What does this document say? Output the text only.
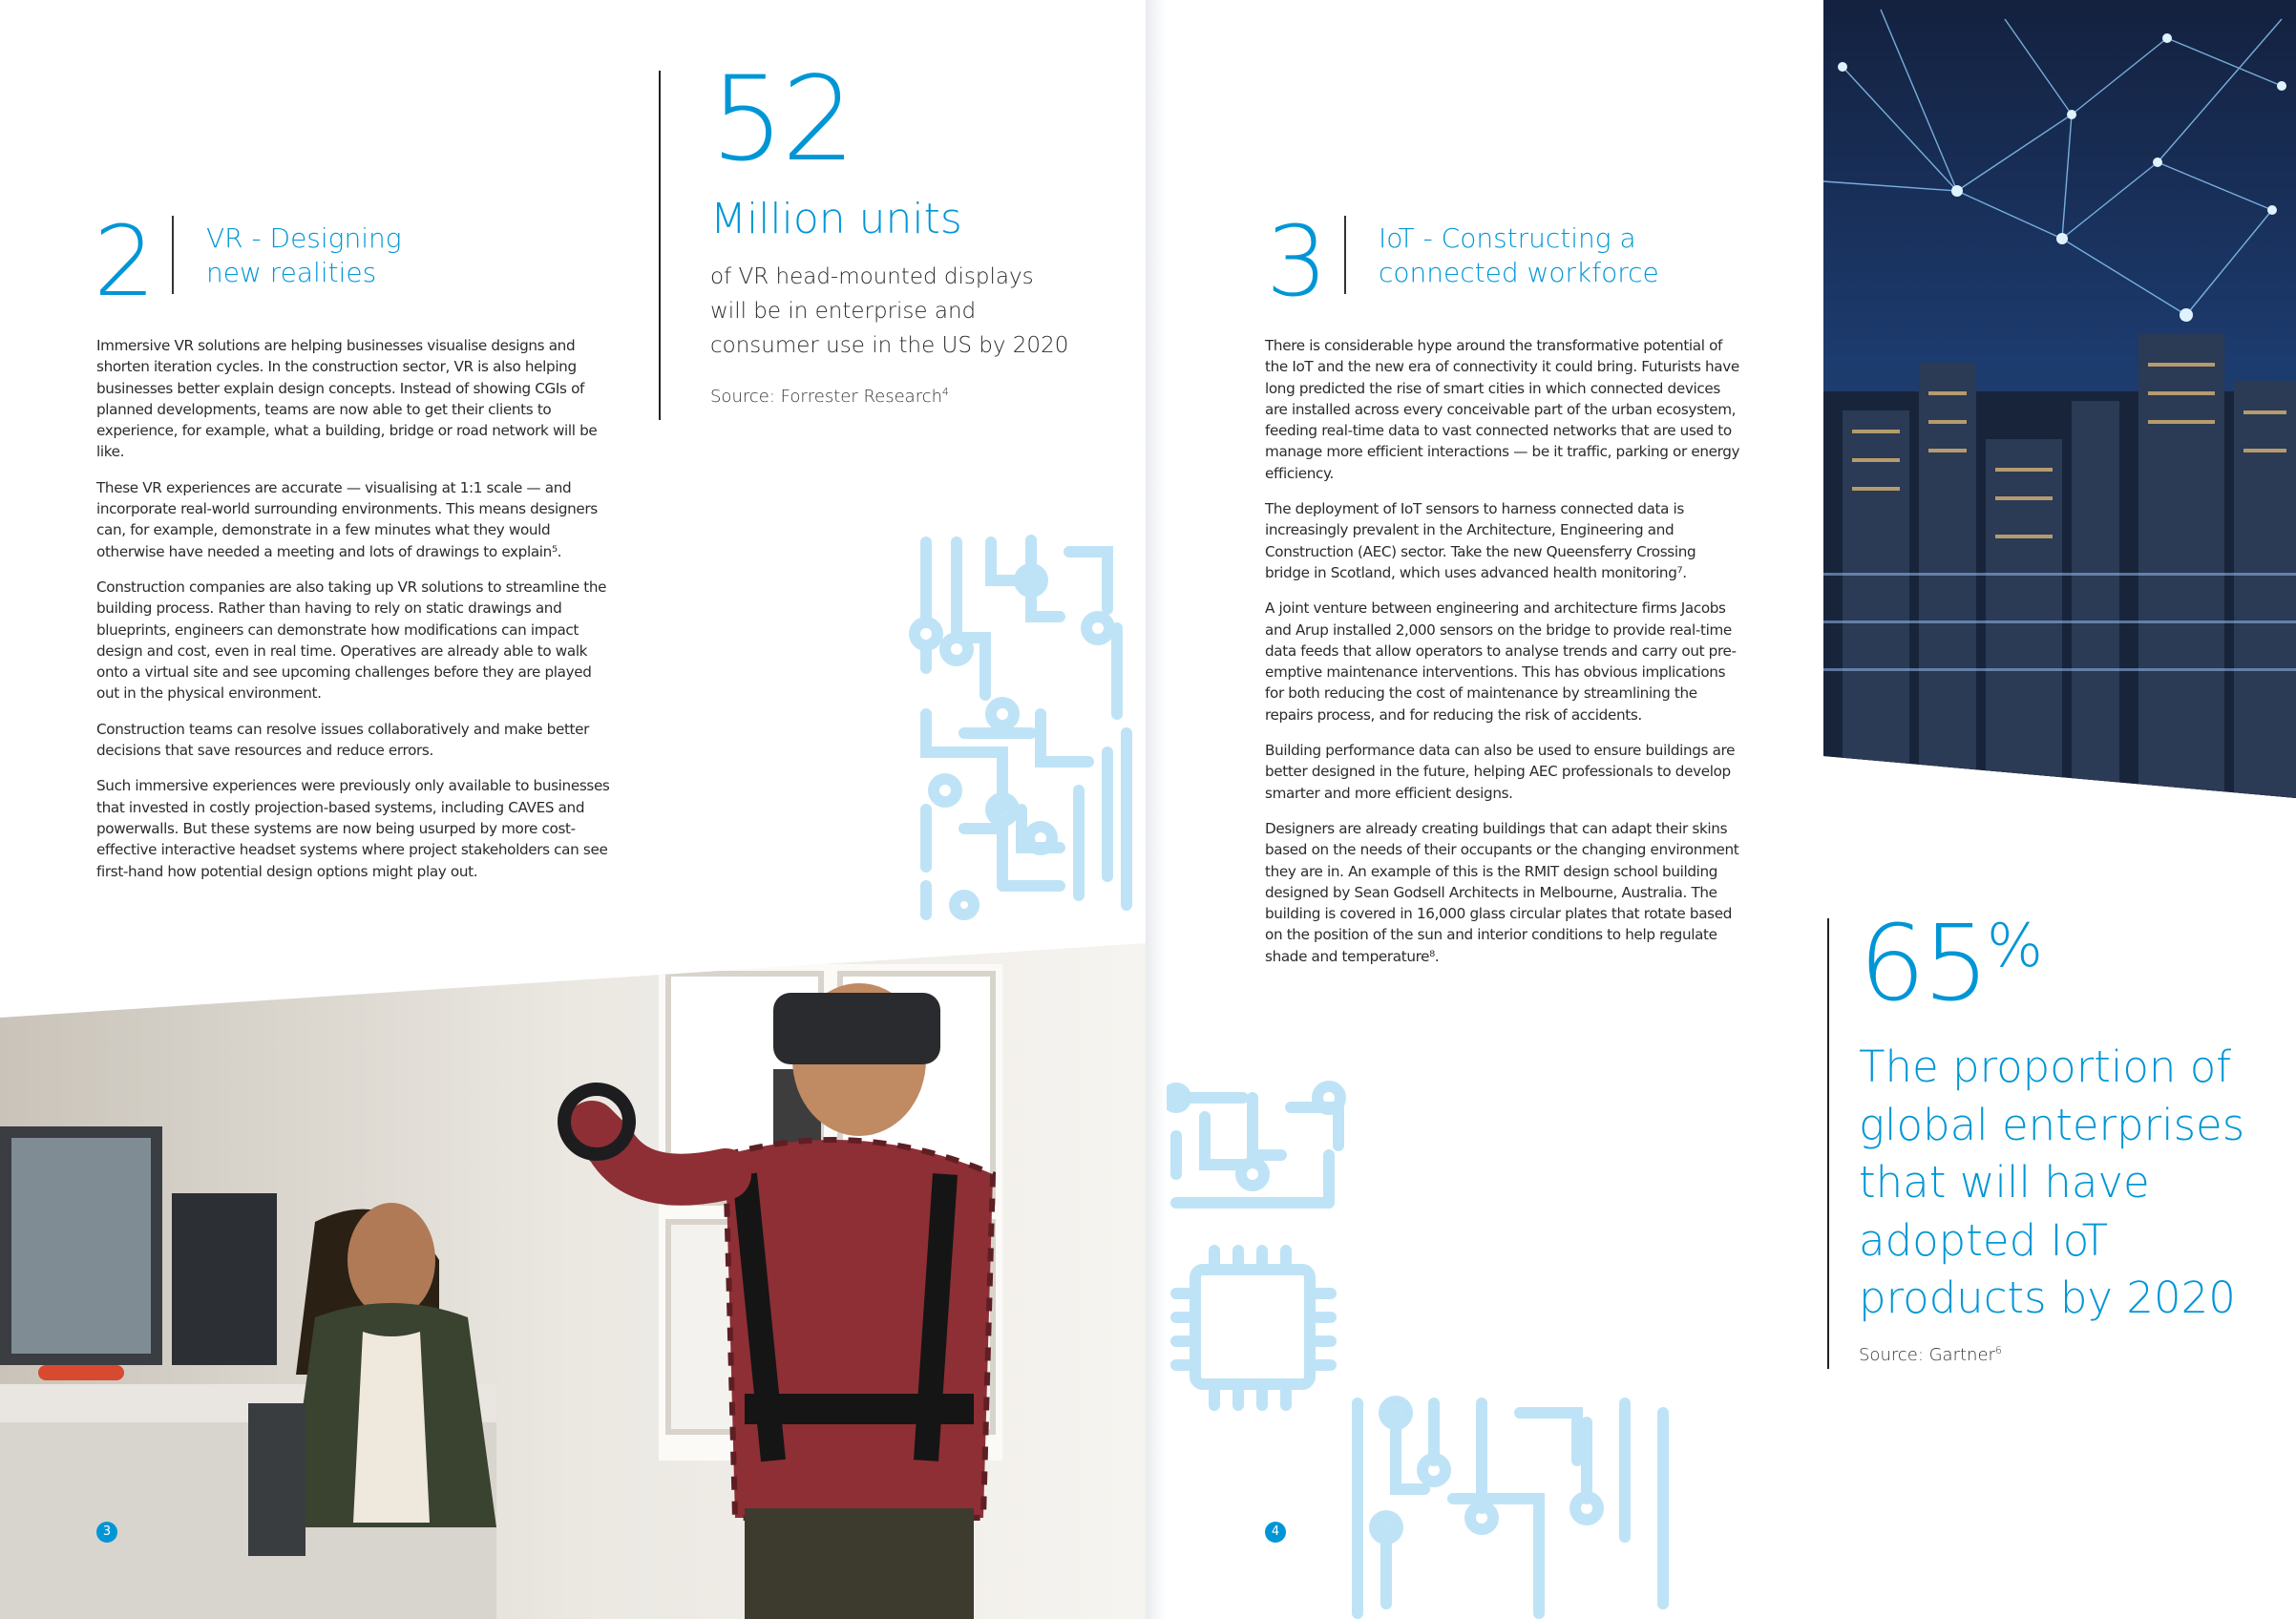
2 VR - Designing
new realities

Immersive VR solutions are helping businesses visualise designs and shorten iteration cycles. In the construction sector, VR is also helping businesses better explain design concepts. Instead of showing CGIs of planned developments, teams are now able to get their clients to experience, for example, what a building, bridge or road network will be like.

These VR experiences are accurate — visualising at 1:1 scale — and incorporate real-world surrounding environments. This means designers can, for example, demonstrate in a few minutes what they would otherwise have needed a meeting and lots of drawings to explain⁵.

Construction companies are also taking up VR solutions to streamline the building process. Rather than having to rely on static drawings and blueprints, engineers can demonstrate how modifications can impact design and cost, even in real time. Operatives are already able to walk onto a virtual site and see upcoming challenges before they are played out in the physical environment.

Construction teams can resolve issues collaboratively and make better decisions that save resources and reduce errors.

Such immersive experiences were previously only available to businesses that invested in costly projection-based systems, including CAVES and powerwalls. But these systems are now being usurped by more cost-effective interactive headset systems where project stakeholders can see first-hand how potential design options might play out.

52
Million units
of VR head-mounted displays
will be in enterprise and
consumer use in the US by 2020
Source: Forrester Research$^4$
3
3 IoT - Constructing a
connected workforce

There is considerable hype around the transformative potential of the IoT and the new era of connectivity it could bring. Futurists have long predicted the rise of smart cities in which connected devices are installed across every conceivable part of the urban ecosystem, feeding real-time data to vast connected networks that are used to manage more efficient interactions — be it traffic, parking or energy efficiency.

The deployment of IoT sensors to harness connected data is increasingly prevalent in the Architecture, Engineering and Construction (AEC) sector. Take the new Queensferry Crossing bridge in Scotland, which uses advanced health monitoring⁷.

A joint venture between engineering and architecture firms Jacobs and Arup installed 2,000 sensors on the bridge to provide real-time data feeds that allow operators to analyse trends and carry out pre-emptive maintenance interventions. This has obvious implications for both reducing the cost of maintenance by streamlining the repairs process, and for reducing the risk of accidents.

Building performance data can also be used to ensure buildings are better designed in the future, helping AEC professionals to develop smarter and more efficient designs.

Designers are already creating buildings that can adapt their skins based on the needs of their occupants or the changing environment they are in. An example of this is the RMIT design school building designed by Sean Godsell Architects in Melbourne, Australia. The building is covered in 16,000 glass circular plates that rotate based on the position of the sun and interior conditions to help regulate shade and temperature⁸.	65%
The proportion of
global enterprises
that will have
adopted IoT
products by 2020
Source: Gartner$^6$
4
